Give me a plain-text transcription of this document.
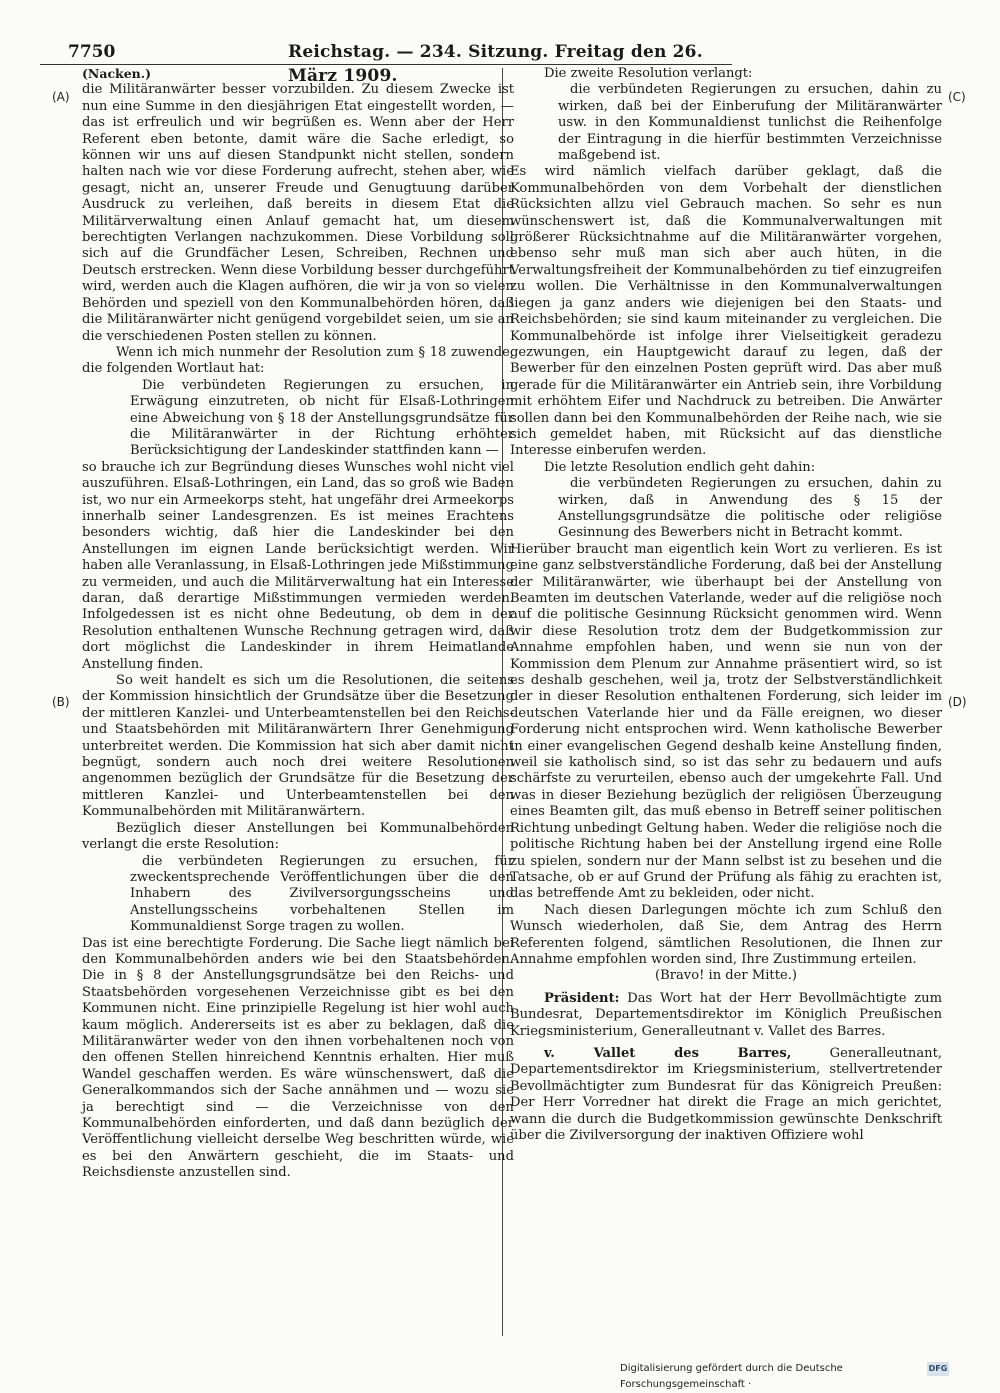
7750	Reichstag. — 234. Sitzung. Freitag den 26. März 1909.
(A)
(B)
(C)
(D)

(Nacken.)

die Militäranwärter besser vorzubilden. Zu diesem Zwecke ist nun eine Summe in den diesjährigen Etat eingestellt worden, — das ist erfreulich und wir begrüßen es. Wenn aber der Herr Referent eben betonte, damit wäre die Sache erledigt, so können wir uns auf diesen Standpunkt nicht stellen, sondern halten nach wie vor diese Forderung aufrecht, stehen aber, wie gesagt, nicht an, unserer Freude und Genugtuung darüber Ausdruck zu verleihen, daß bereits in diesem Etat die Militärverwaltung einen Anlauf gemacht hat, um diesem berechtigten Verlangen nachzukommen. Diese Vorbildung soll sich auf die Grundfächer Lesen, Schreiben, Rechnen und Deutsch erstrecken. Wenn diese Vorbildung besser durchgeführt wird, werden auch die Klagen aufhören, die wir ja von so vielen Behörden und speziell von den Kommunalbehörden hören, daß die Militäranwärter nicht genügend vorgebildet seien, um sie an die verschiedenen Posten stellen zu können.

Wenn ich mich nunmehr der Resolution zum § 18 zuwende, die folgenden Wortlaut hat:

Die verbündeten Regierungen zu ersuchen, in Erwägung einzutreten, ob nicht für Elsaß-Lothringen eine Abweichung von § 18 der Anstellungsgrundsätze für die Militäranwärter in der Richtung erhöhter Berücksichtigung der Landeskinder stattfinden kann —

so brauche ich zur Begründung dieses Wunsches wohl nicht viel auszuführen. Elsaß-Lothringen, ein Land, das so groß wie Baden ist, wo nur ein Armeekorps steht, hat ungefähr drei Armeekorps innerhalb seiner Landesgrenzen. Es ist meines Erachtens besonders wichtig, daß hier die Landeskinder bei den Anstellungen im eignen Lande berücksichtigt werden. Wir haben alle Veranlassung, in Elsaß-Lothringen jede Mißstimmung zu vermeiden, und auch die Militärverwaltung hat ein Interesse daran, daß derartige Mißstimmungen vermieden werden. Infolgedessen ist es nicht ohne Bedeutung, ob dem in der Resolution enthaltenen Wunsche Rechnung getragen wird, daß dort möglichst die Landeskinder in ihrem Heimatlande Anstellung finden.

So weit handelt es sich um die Resolutionen, die seitens der Kommission hinsichtlich der Grundsätze über die Besetzung der mittleren Kanzlei- und Unterbeamtenstellen bei den Reichs- und Staatsbehörden mit Militäranwärtern Ihrer Genehmigung unterbreitet werden. Die Kommission hat sich aber damit nicht begnügt, sondern auch noch drei weitere Resolutionen angenommen bezüglich der Grundsätze für die Besetzung der mittleren Kanzlei- und Unterbeamtenstellen bei den Kommunalbehörden mit Militäranwärtern.

Bezüglich dieser Anstellungen bei Kommunalbehörden verlangt die erste Resolution:

die verbündeten Regierungen zu ersuchen, für zweckentsprechende Veröffentlichungen über die den Inhabern des Zivilversorgungsscheins und Anstellungsscheins vorbehaltenen Stellen im Kommunaldienst Sorge tragen zu wollen.

Das ist eine berechtigte Forderung. Die Sache liegt nämlich bei den Kommunalbehörden anders wie bei den Staatsbehörden. Die in § 8 der Anstellungsgrundsätze bei den Reichs- und Staatsbehörden vorgesehenen Verzeichnisse gibt es bei den Kommunen nicht. Eine prinzipielle Regelung ist hier wohl auch kaum möglich. Andererseits ist es aber zu beklagen, daß die Militäranwärter weder von den ihnen vorbehaltenen noch von den offenen Stellen hinreichend Kenntnis erhalten. Hier muß Wandel geschaffen werden. Es wäre wünschenswert, daß die Generalkommandos sich der Sache annähmen und — wozu sie ja berechtigt sind — die Verzeichnisse von den Kommunalbehörden einforderten, und daß dann bezüglich der Veröffentlichung vielleicht derselbe Weg beschritten würde, wie es bei den Anwärtern geschieht, die im Staats- und Reichsdienste anzustellen sind.

Die zweite Resolution verlangt:

die verbündeten Regierungen zu ersuchen, dahin zu wirken, daß bei der Einberufung der Militäranwärter usw. in den Kommunaldienst tunlichst die Reihenfolge der Eintragung in die hierfür bestimmten Verzeichnisse maßgebend ist.

Es wird nämlich vielfach darüber geklagt, daß die Kommunalbehörden von dem Vorbehalt der dienstlichen Rücksichten allzu viel Gebrauch machen. So sehr es nun wünschenswert ist, daß die Kommunalverwaltungen mit größerer Rücksichtnahme auf die Militäranwärter vorgehen, ebenso sehr muß man sich aber auch hüten, in die Verwaltungsfreiheit der Kommunalbehörden zu tief einzugreifen zu wollen. Die Verhältnisse in den Kommunalverwaltungen liegen ja ganz anders wie diejenigen bei den Staats- und Reichsbehörden; sie sind kaum miteinander zu vergleichen. Die Kommunalbehörde ist infolge ihrer Vielseitigkeit geradezu gezwungen, ein Hauptgewicht darauf zu legen, daß der Bewerber für den einzelnen Posten geprüft wird. Das aber muß gerade für die Militäranwärter ein Antrieb sein, ihre Vorbildung mit erhöhtem Eifer und Nachdruck zu betreiben. Die Anwärter sollen dann bei den Kommunalbehörden der Reihe nach, wie sie sich gemeldet haben, mit Rücksicht auf das dienstliche Interesse einberufen werden.

Die letzte Resolution endlich geht dahin:

die verbündeten Regierungen zu ersuchen, dahin zu wirken, daß in Anwendung des § 15 der Anstellungsgrundsätze die politische oder religiöse Gesinnung des Bewerbers nicht in Betracht kommt.

Hierüber braucht man eigentlich kein Wort zu verlieren. Es ist eine ganz selbstverständliche Forderung, daß bei der Anstellung der Militäranwärter, wie überhaupt bei der Anstellung von Beamten im deutschen Vaterlande, weder auf die religiöse noch auf die politische Gesinnung Rücksicht genommen wird. Wenn wir diese Resolution trotz dem der Budgetkommission zur Annahme empfohlen haben, und wenn sie nun von der Kommission dem Plenum zur Annahme präsentiert wird, so ist es deshalb geschehen, weil ja, trotz der Selbstverständlichkeit der in dieser Resolution enthaltenen Forderung, sich leider im deutschen Vaterlande hier und da Fälle ereignen, wo dieser Forderung nicht entsprochen wird. Wenn katholische Bewerber in einer evangelischen Gegend deshalb keine Anstellung finden, weil sie katholisch sind, so ist das sehr zu bedauern und aufs schärfste zu verurteilen, ebenso auch der umgekehrte Fall. Und was in dieser Beziehung bezüglich der religiösen Überzeugung eines Beamten gilt, das muß ebenso in Betreff seiner politischen Richtung unbedingt Geltung haben. Weder die religiöse noch die politische Richtung haben bei der Anstellung irgend eine Rolle zu spielen, sondern nur der Mann selbst ist zu besehen und die Tatsache, ob er auf Grund der Prüfung als fähig zu erachten ist, das betreffende Amt zu bekleiden, oder nicht.

Nach diesen Darlegungen möchte ich zum Schluß den Wunsch wiederholen, daß Sie, dem Antrag des Herrn Referenten folgend, sämtlichen Resolutionen, die Ihnen zur Annahme empfohlen worden sind, Ihre Zustimmung erteilen.

(Bravo! in der Mitte.)

Präsident: Das Wort hat der Herr Bevollmächtigte zum Bundesrat, Departementsdirektor im Königlich Preußischen Kriegsministerium, Generalleutnant v. Vallet des Barres.

v. Vallet des Barres,	Generalleutnant, Departementsdirektor im Kriegsministerium, stellvertretender Bevollmächtigter zum Bundesrat für das Königreich Preußen: Der Herr Vorredner hat direkt die Frage an mich gerichtet, wann die durch die Budgetkommission gewünschte Denkschrift über die Zivilversorgung der inaktiven Offiziere wohl

Digitalisierung gefördert durch die Deutsche Forschungsgemeinschaft ·
DFG
